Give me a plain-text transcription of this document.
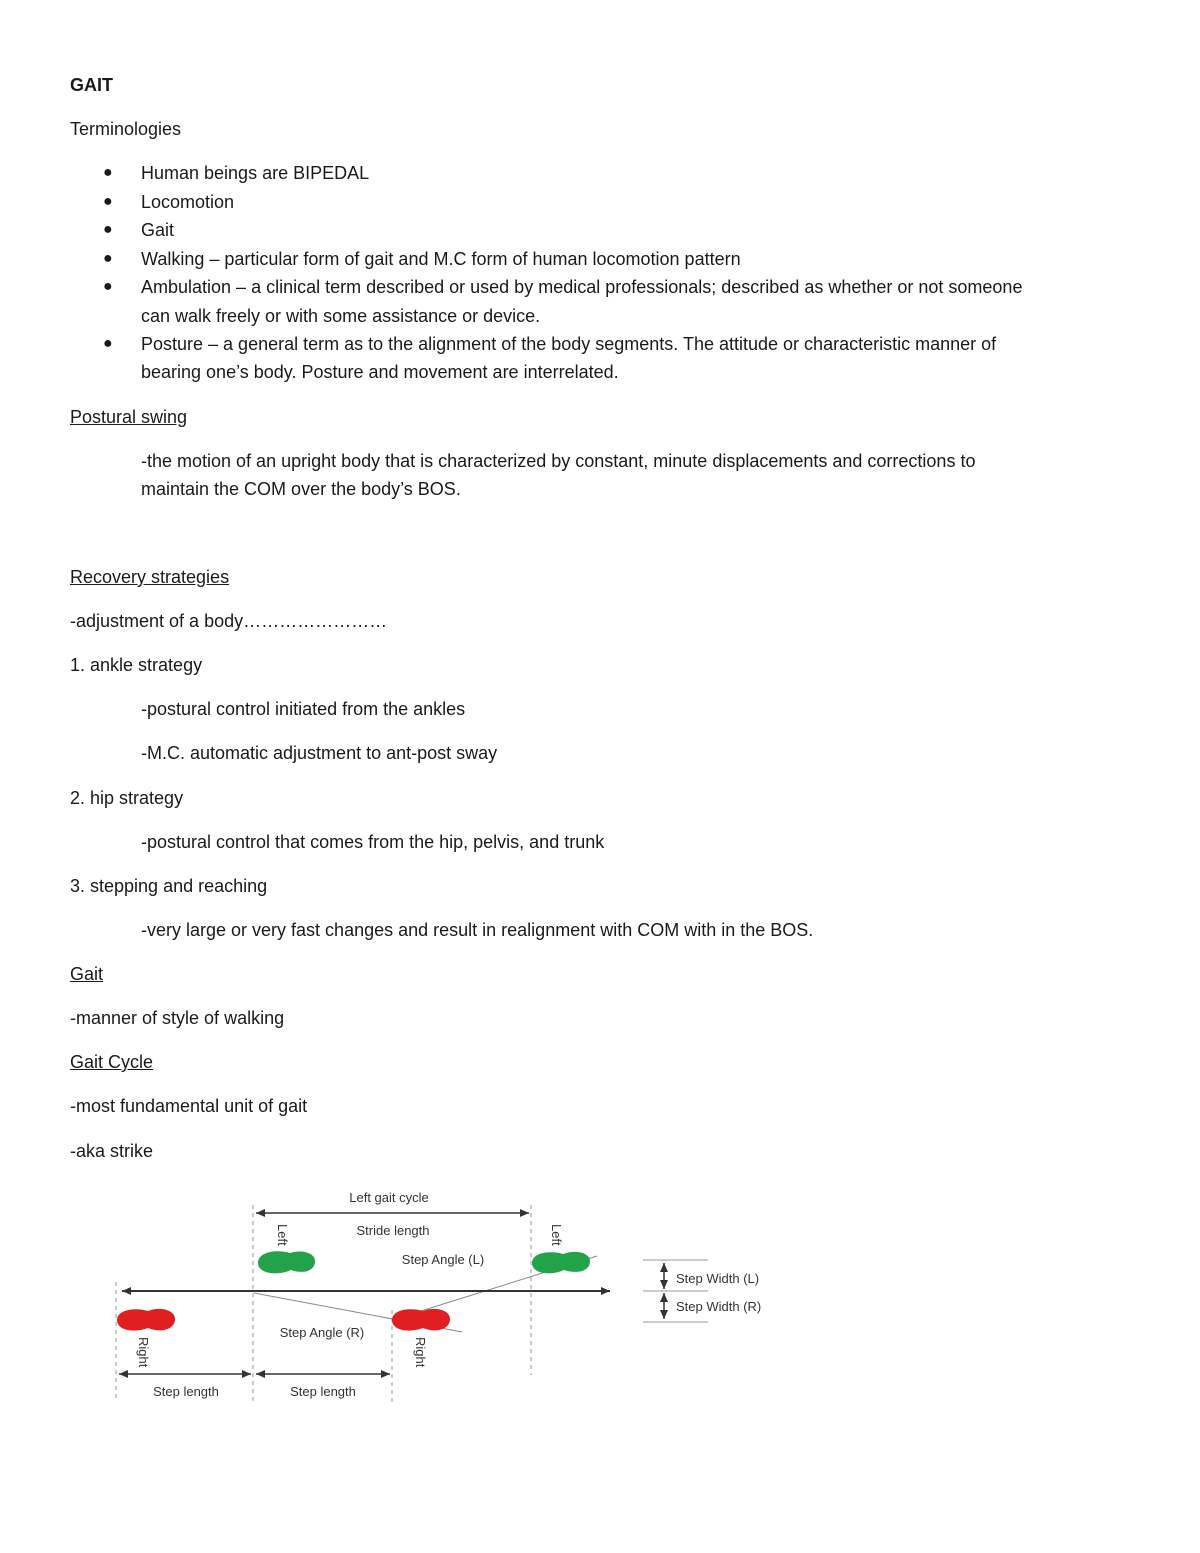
GAIT
Terminologies
● Human beings are BIPEDAL
● Locomotion
● Gait
● Walking – particular form of gait and M.C form of human locomotion pattern
● Ambulation – a clinical term described or used by medical professionals; described as whether or not someone
can walk freely or with some assistance or device.
● Posture – a general term as to the alignment of the body segments. The attitude or characteristic manner of
bearing one’s body. Posture and movement are interrelated.
Postural swing
-the motion of an upright body that is characterized by constant, minute displacements and corrections to
maintain the COM over the body’s BOS.
Recovery strategies
-adjustment of a body……………………
1. ankle strategy
-postural control initiated from the ankles
-M.C. automatic adjustment to ant-post sway
2. hip strategy
-postural control that comes from the hip, pelvis, and trunk
3. stepping and reaching
-very large or very fast changes and result in realignment with COM with in the BOS.
Gait
-manner of style of walking
Gait Cycle
-most fundamental unit of gait
-aka strike
Left gait cycle
Stride length
Step Angle (L)
Step Angle (R)
Left	Left
Right	Right
Step Width (L)
Step Width (R)
Step length	Step length
